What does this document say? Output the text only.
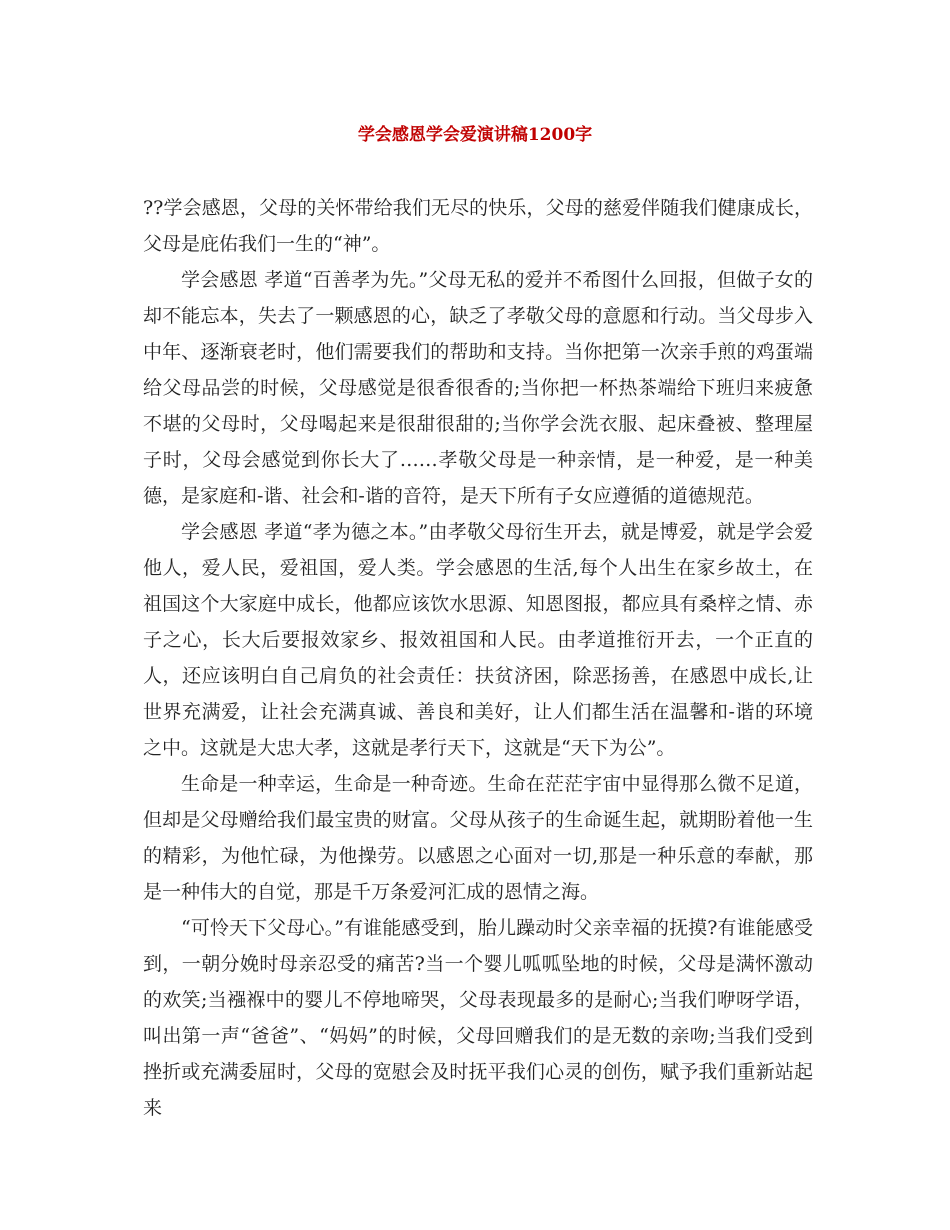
学会感恩学会爱演讲稿1200字

??学会感恩，父母的关怀带给我们无尽的快乐，父母的慈爱伴随我们健康成长，父母是庇佑我们一生的“神”。

学会感恩 孝道“百善孝为先。”父母无私的爱并不希图什么回报，但做子女的却不能忘本，失去了一颗感恩的心，缺乏了孝敬父母的意愿和行动。当父母步入中年、逐渐衰老时，他们需要我们的帮助和支持。当你把第一次亲手煎的鸡蛋端给父母品尝的时候，父母感觉是很香很香的;当你把一杯热茶端给下班归来疲惫不堪的父母时，父母喝起来是很甜很甜的;当你学会洗衣服、起床叠被、整理屋子时，父母会感觉到你长大了……孝敬父母是一种亲情，是一种爱，是一种美德，是家庭和-谐、社会和-谐的音符，是天下所有子女应遵循的道德规范。

学会感恩 孝道“孝为德之本。”由孝敬父母衍生开去，就是博爱，就是学会爱他人，爱人民，爱祖国，爱人类。学会感恩的生活,每个人出生在家乡故土，在祖国这个大家庭中成长，他都应该饮水思源、知恩图报，都应具有桑梓之情、赤子之心，长大后要报效家乡、报效祖国和人民。由孝道推衍开去，一个正直的人，还应该明白自己肩负的社会责任：扶贫济困，除恶扬善，在感恩中成长,让世界充满爱，让社会充满真诚、善良和美好，让人们都生活在温馨和-谐的环境之中。这就是大忠大孝，这就是孝行天下，这就是“天下为公”。

生命是一种幸运，生命是一种奇迹。生命在茫茫宇宙中显得那么微不足道，但却是父母赠给我们最宝贵的财富。父母从孩子的生命诞生起，就期盼着他一生的精彩，为他忙碌，为他操劳。以感恩之心面对一切,那是一种乐意的奉献，那是一种伟大的自觉，那是千万条爱河汇成的恩情之海。

“可怜天下父母心。”有谁能感受到，胎儿躁动时父亲幸福的抚摸?有谁能感受到，一朝分娩时母亲忍受的痛苦?当一个婴儿呱呱坠地的时候，父母是满怀激动的欢笑;当襁褓中的婴儿不停地啼哭，父母表现最多的是耐心;当我们咿呀学语，叫出第一声“爸爸”、“妈妈”的时候，父母回赠我们的是无数的亲吻;当我们受到挫折或充满委屈时，父母的宽慰会及时抚平我们心灵的创伤，赋予我们重新站起来
